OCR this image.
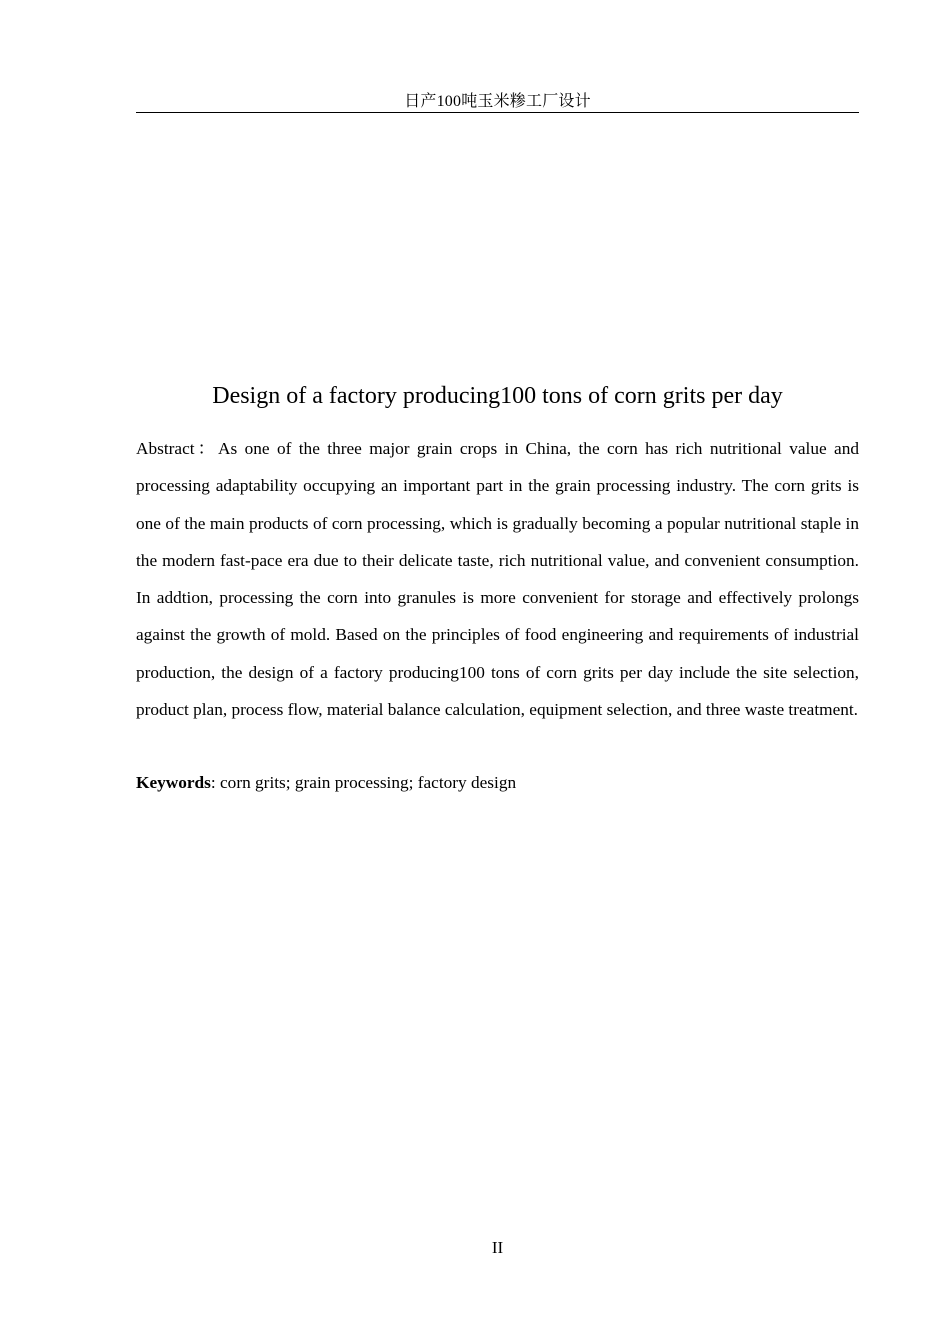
日产100吨玉米糁工厂设计
Design of a factory producing100 tons of corn grits per day

Abstract：As one of the three major grain crops in China, the corn has rich nutritional value and processing adaptability occupying an important part in the grain processing industry. The corn grits is one of the main products of corn processing, which is gradually becoming a popular nutritional staple in the modern fast-pace era due to their delicate taste, rich nutritional value, and convenient consumption. In addtion, processing the corn into granules is more convenient for storage and effectively prolongs against the growth of mold. Based on the principles of food engineering and requirements of industrial production, the design of a factory producing100 tons of corn grits per day include the site selection, product plan, process flow, material balance calculation, equipment selection, and three waste treatment.

Keywords: corn grits; grain processing; factory design

II
